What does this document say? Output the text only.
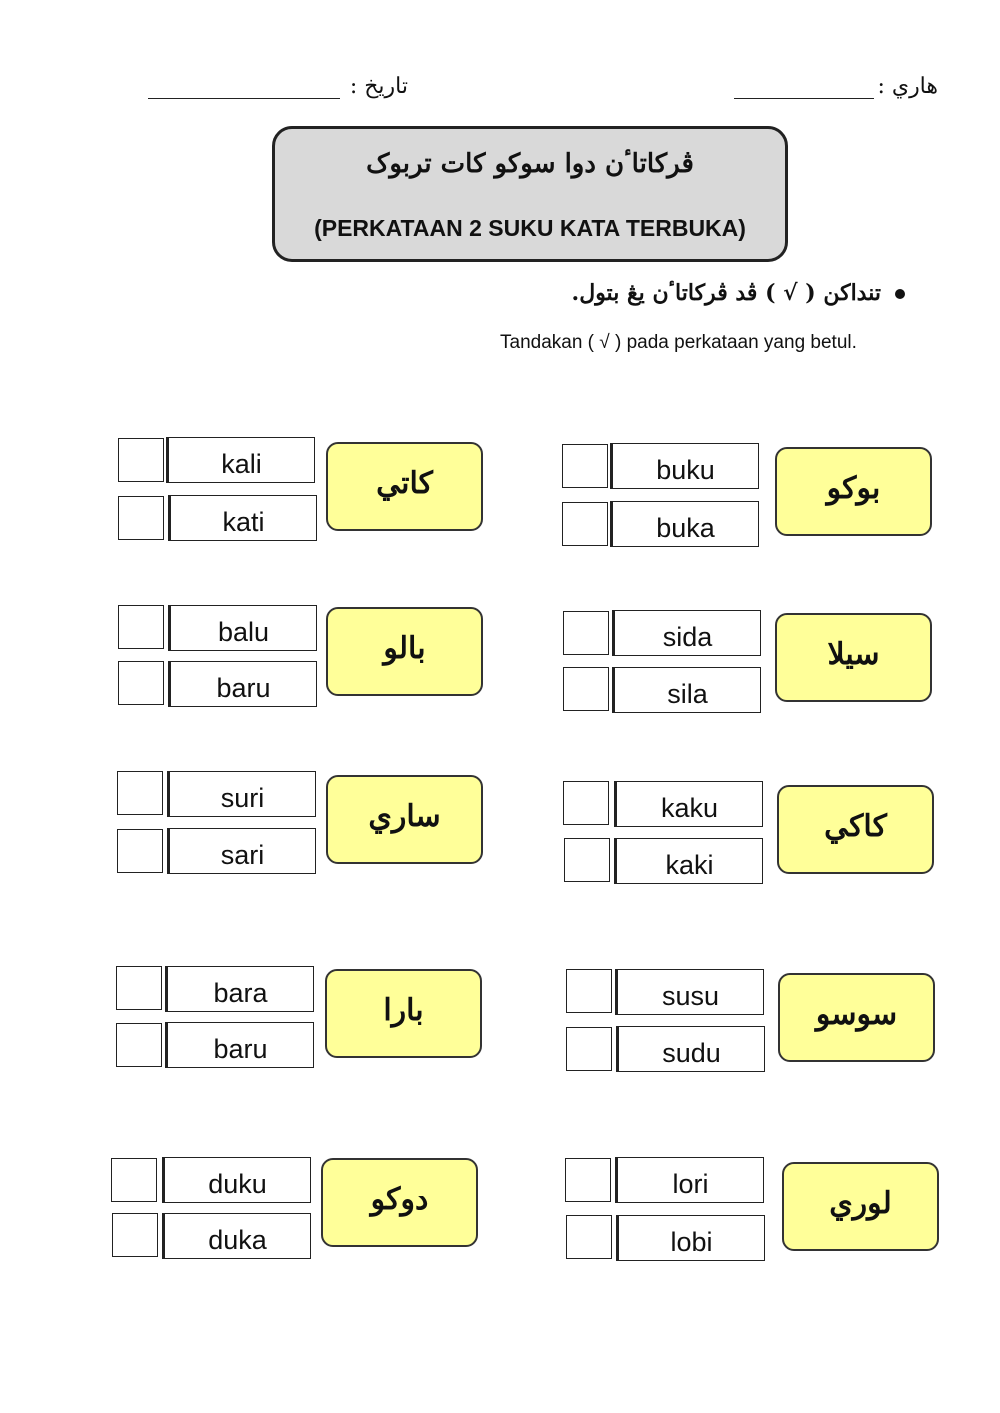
هاري :
تاريخ :
ڤركاتاٴن دوا سوكو كات تربوک
(PERKATAAN 2 SUKU KATA TERBUKA)
تنداكن ( √ ) ڤد ڤركاتاٴن يڠ بتول.
Tandakan ( √ ) pada perkataan yang betul.
buku
buka
بوكو
kali
kati
كاتي
sida
sila
سيلا
balu
baru
بالو
kaku
kaki
كاكي
suri
sari
ساري
susu
sudu
سوسو
bara
baru
بارا
lori
lobi
لوري
duku
duka
دوكو
